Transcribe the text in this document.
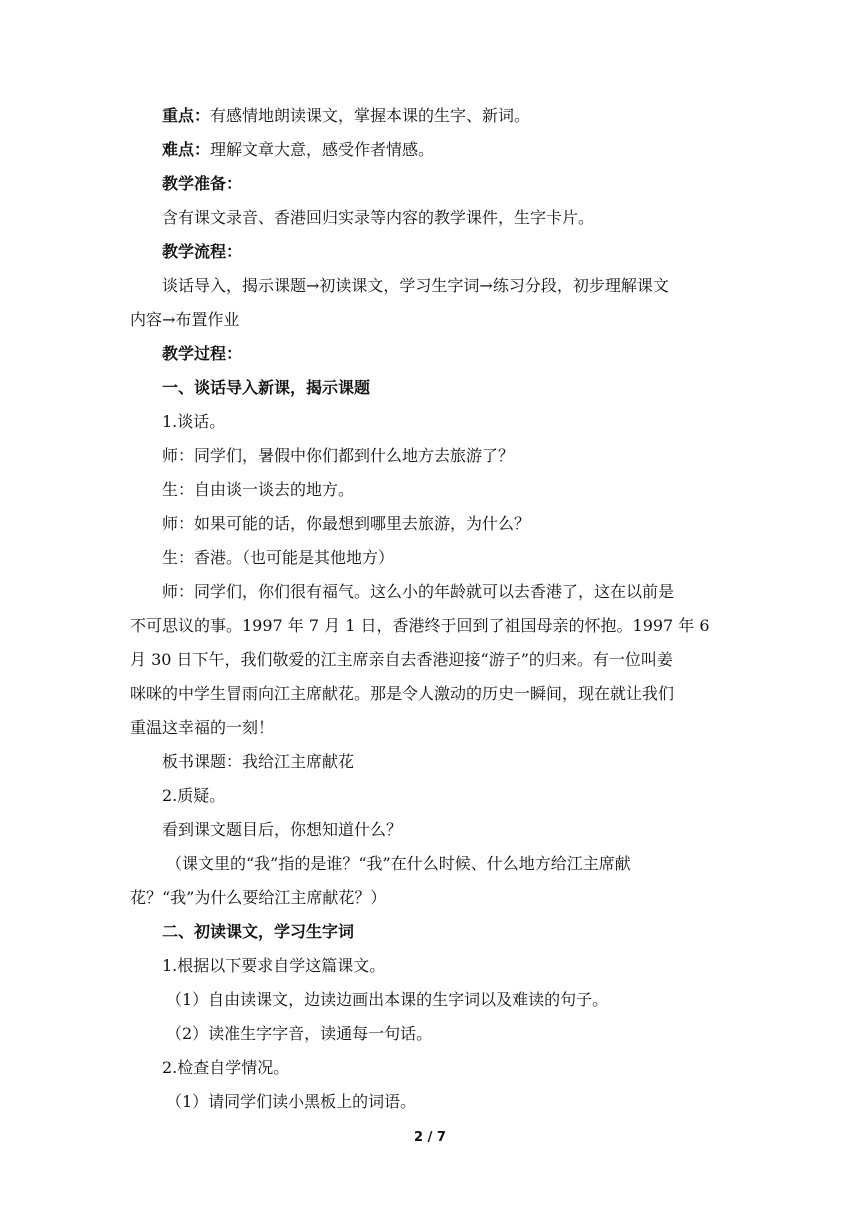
重点：有感情地朗读课文，掌握本课的生字、新词。
难点：理解文章大意，感受作者情感。
教学准备：
含有课文录音、香港回归实录等内容的教学课件，生字卡片。
教学流程：
谈话导入，揭示课题→初读课文，学习生字词→练习分段，初步理解课文
内容→布置作业
教学过程：
一、谈话导入新课，揭示课题
1.谈话。
师：同学们，暑假中你们都到什么地方去旅游了？
生：自由谈一谈去的地方。
师：如果可能的话，你最想到哪里去旅游，为什么？
生：香港。（也可能是其他地方）
师：同学们，你们很有福气。这么小的年龄就可以去香港了，这在以前是
不可思议的事。1997 年 7 月 1 日，香港终于回到了祖国母亲的怀抱。1997 年 6
月 30 日下午，我们敬爱的江主席亲自去香港迎接“游子”的归来。有一位叫姜
咪咪的中学生冒雨向江主席献花。那是令人激动的历史一瞬间，现在就让我们
重温这幸福的一刻！
板书课题：我给江主席献花
2.质疑。
看到课文题目后，你想知道什么？
（课文里的“我”指的是谁？“我”在什么时候、什么地方给江主席献
花？“我”为什么要给江主席献花？）
二、初读课文，学习生字词
1.根据以下要求自学这篇课文。
（1）自由读课文，边读边画出本课的生字词以及难读的句子。
（2）读准生字字音，读通每一句话。
2.检查自学情况。
（1）请同学们读小黑板上的词语。
2 / 7
